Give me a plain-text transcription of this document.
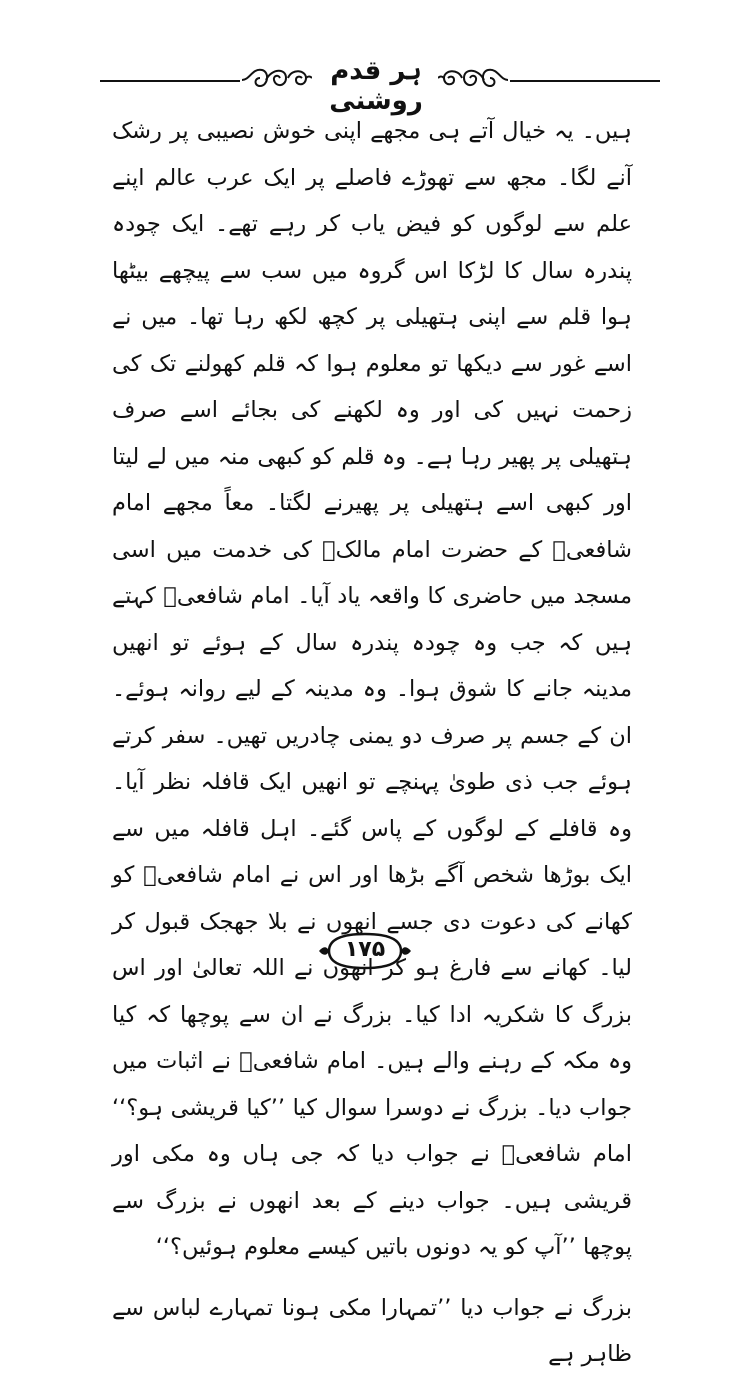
ہر قدم روشنی

ہیں۔ یہ خیال آتے ہی مجھے اپنی خوش نصیبی پر رشک آنے لگا۔ مجھ سے تھوڑے فاصلے پر ایک عرب عالم اپنے علم سے لوگوں کو فیض یاب کر رہے تھے۔ ایک چودہ پندرہ سال کا لڑکا اس گروہ میں سب سے پیچھے بیٹھا ہوا قلم سے اپنی ہتھیلی پر کچھ لکھ رہا تھا۔ میں نے اسے غور سے دیکھا تو معلوم ہوا کہ قلم کھولنے تک کی زحمت نہیں کی اور وہ لکھنے کی بجائے اسے صرف ہتھیلی پر پھیر رہا ہے۔ وہ قلم کو کبھی منہ میں لے لیتا اور کبھی اسے ہتھیلی پر پھیرنے لگتا۔ معاً مجھے امام شافعیؒ کے حضرت امام مالکؒ کی خدمت میں اسی مسجد میں حاضری کا واقعہ یاد آیا۔ امام شافعیؒ کہتے ہیں کہ جب وہ چودہ پندرہ سال کے ہوئے تو انھیں مدینہ جانے کا شوق ہوا۔ وہ مدینہ کے لیے روانہ ہوئے۔ ان کے جسم پر صرف دو یمنی چادریں تھیں۔ سفر کرتے ہوئے جب ذی طویٰ پہنچے تو انھیں ایک قافلہ نظر آیا۔ وہ قافلے کے لوگوں کے پاس گئے۔ اہل قافلہ میں سے ایک بوڑھا شخص آگے بڑھا اور اس نے امام شافعیؒ کو کھانے کی دعوت دی جسے انھوں نے بلا جھجک قبول کر لیا۔ کھانے سے فارغ ہو کر انھوں نے اللہ تعالیٰ اور اس بزرگ کا شکریہ ادا کیا۔ بزرگ نے ان سے پوچھا کہ کیا وہ مکہ کے رہنے والے ہیں۔ امام شافعیؒ نے اثبات میں جواب دیا۔ بزرگ نے دوسرا سوال کیا ’’کیا قریشی ہو؟‘‘ امام شافعیؒ نے جواب دیا کہ جی ہاں وہ مکی اور قریشی ہیں۔ جواب دینے کے بعد انھوں نے بزرگ سے پوچھا ’’آپ کو یہ دونوں باتیں کیسے معلوم ہوئیں؟‘‘

بزرگ نے جواب دیا ’’تمہارا مکی ہونا تمہارے لباس سے ظاہر ہے

۱۷۵
